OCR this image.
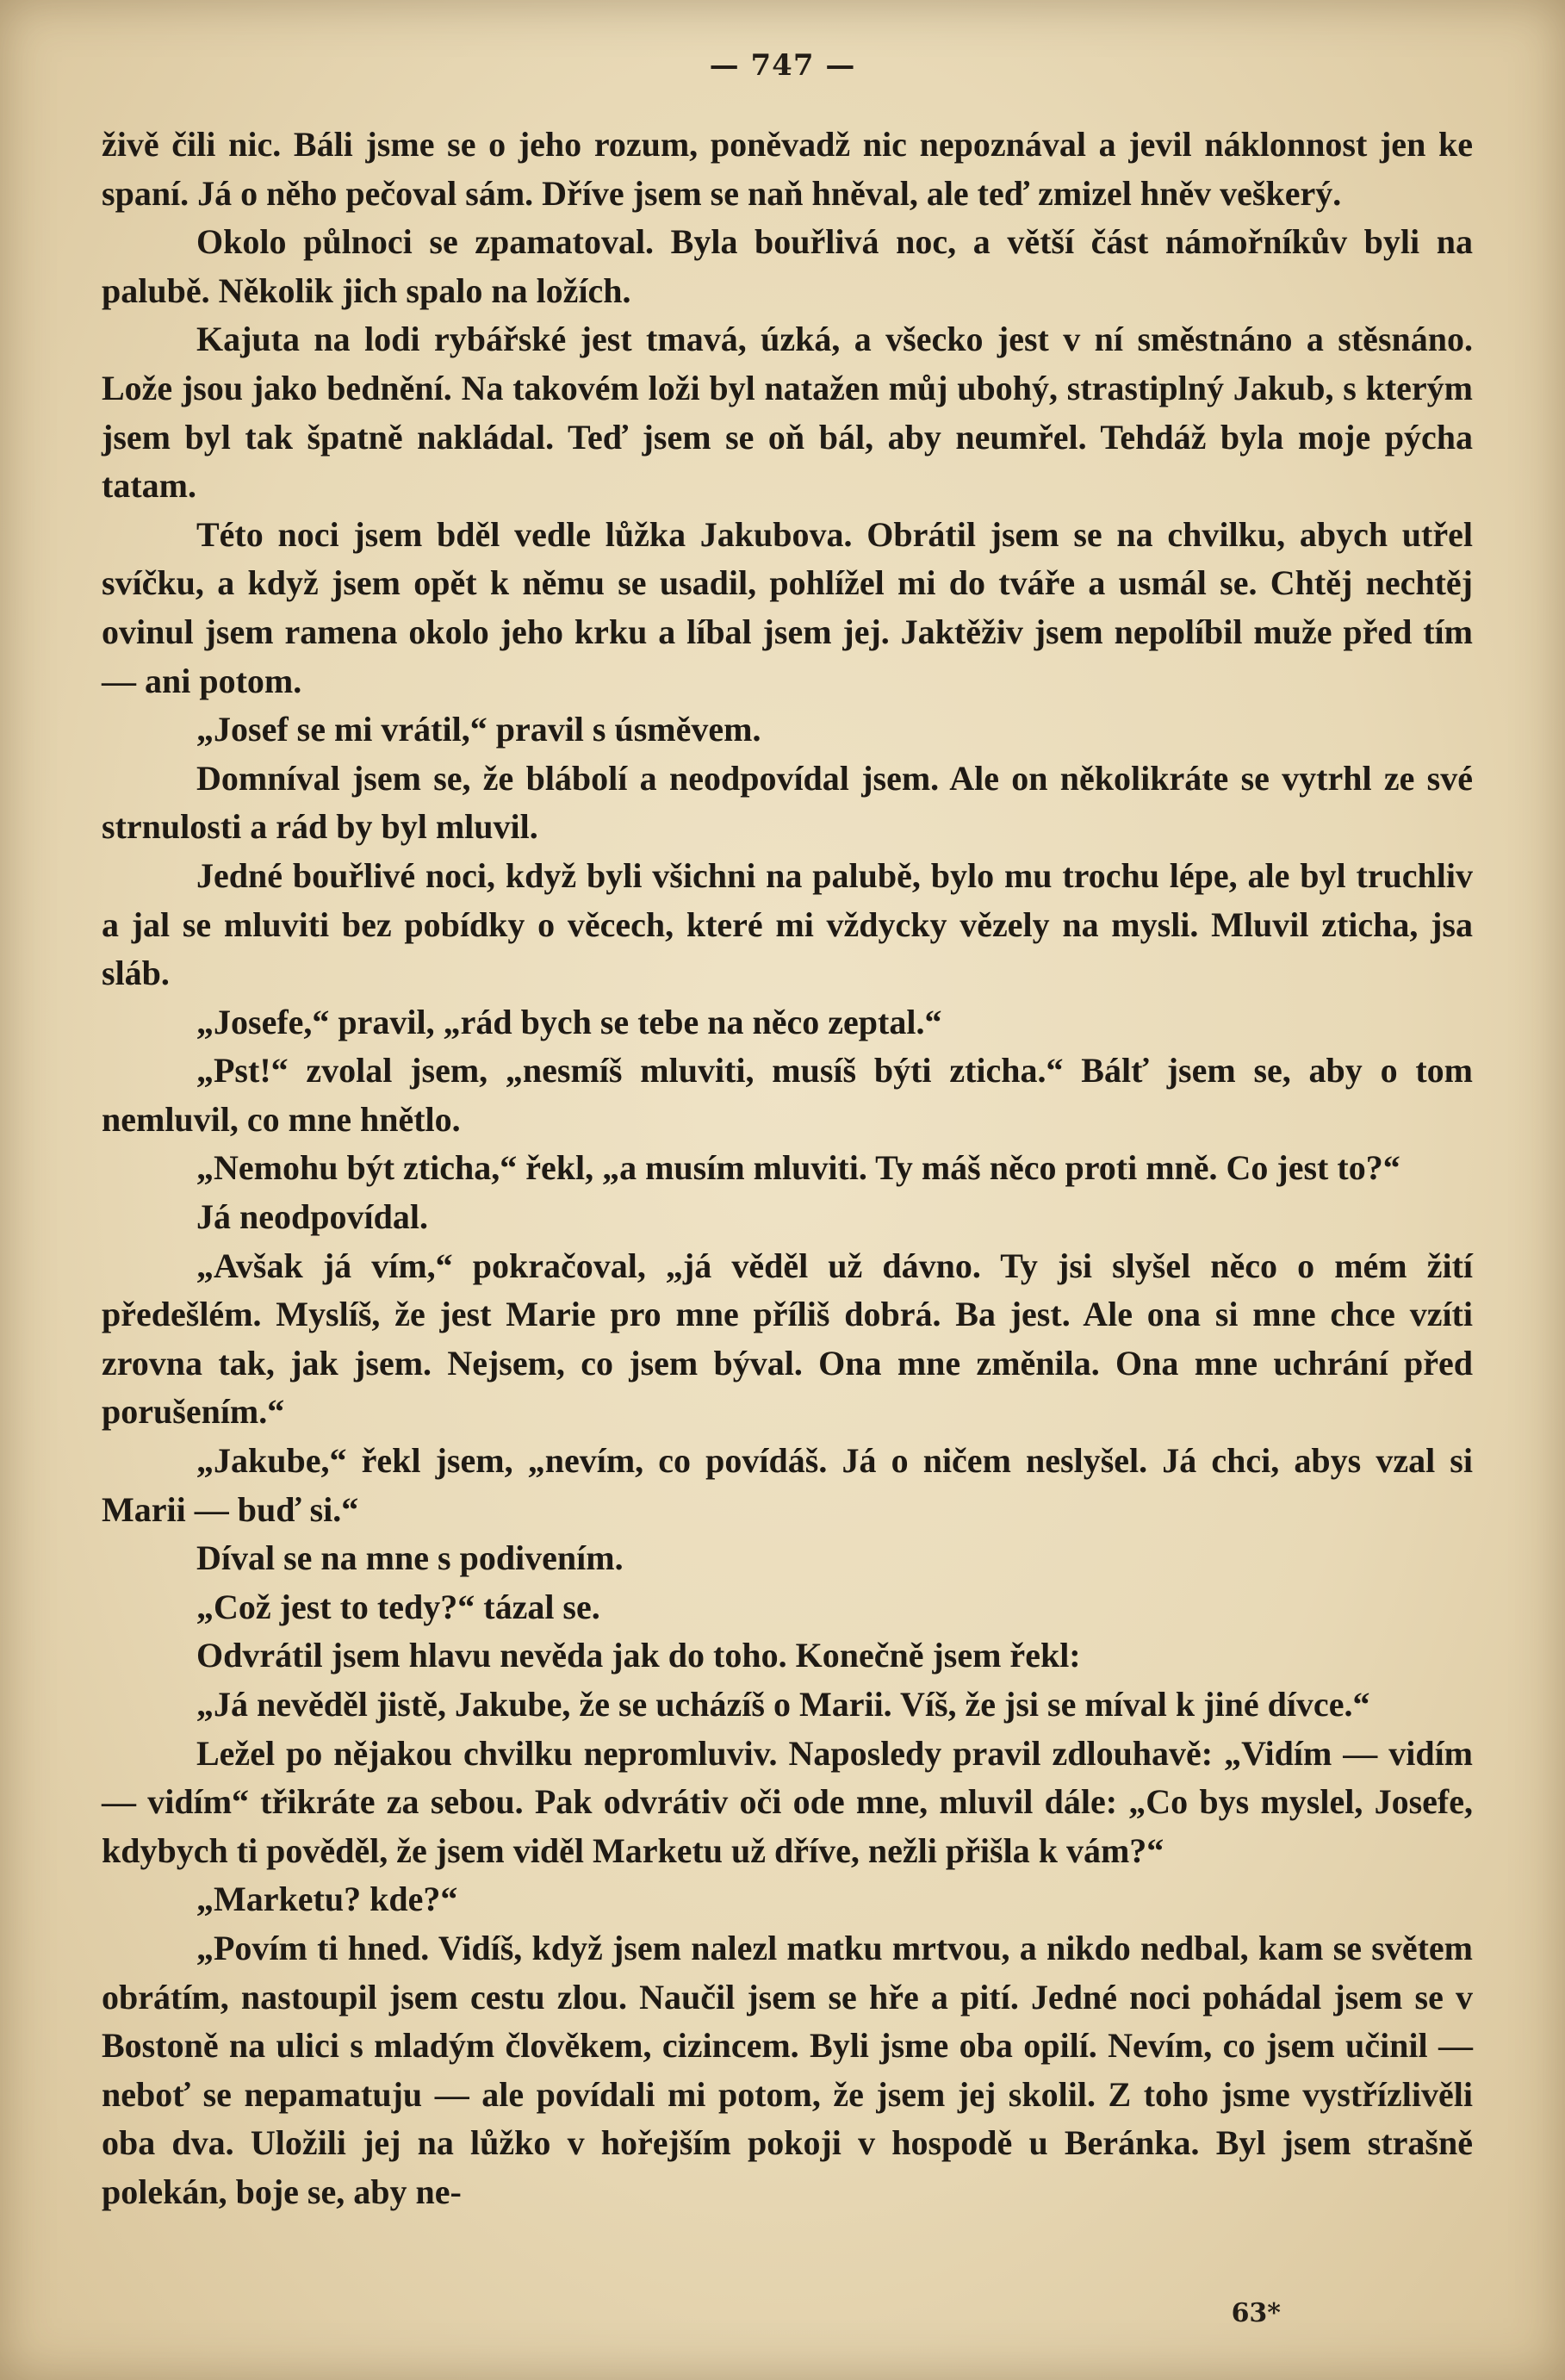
— 747 —

živě čili nic. Báli jsme se o jeho rozum, poněvadž nic nepoznával a jevil náklonnost jen ke spaní. Já o něho pečoval sám. Dříve jsem se naň hněval, ale teď zmizel hněv veškerý.

Okolo půlnoci se zpamatoval. Byla bouřlivá noc, a větší část námořníkův byli na palubě. Několik jich spalo na ložích.

Kajuta na lodi rybářské jest tmavá, úzká, a všecko jest v ní směstnáno a stěsnáno. Lože jsou jako bednění. Na takovém loži byl natažen můj ubohý, strastiplný Jakub, s kterým jsem byl tak špatně nakládal. Teď jsem se oň bál, aby neumřel. Tehdáž byla moje pýcha tatam.

Této noci jsem bděl vedle lůžka Jakubova. Obrátil jsem se na chvilku, abych utřel svíčku, a když jsem opět k němu se usadil, pohlížel mi do tváře a usmál se. Chtěj nechtěj ovinul jsem ramena okolo jeho krku a líbal jsem jej. Jaktěživ jsem nepolíbil muže před tím — ani potom.

„Josef se mi vrátil,“ pravil s úsměvem.

Domníval jsem se, že blábolí a neodpovídal jsem. Ale on několikráte se vytrhl ze své strnulosti a rád by byl mluvil.

Jedné bouřlivé noci, když byli všichni na palubě, bylo mu trochu lépe, ale byl truchliv a jal se mluviti bez pobídky o věcech, které mi vždycky vězely na mysli. Mluvil zticha, jsa sláb.

„Josefe,“ pravil, „rád bych se tebe na něco zeptal.“

„Pst!“ zvolal jsem, „nesmíš mluviti, musíš býti zticha.“ Bálť jsem se, aby o tom nemluvil, co mne hnětlo.

„Nemohu být zticha,“ řekl, „a musím mluviti. Ty máš něco proti mně. Co jest to?“

Já neodpovídal.

„Avšak já vím,“ pokračoval, „já věděl už dávno. Ty jsi slyšel něco o mém žití předešlém. Myslíš, že jest Marie pro mne příliš dobrá. Ba jest. Ale ona si mne chce vzíti zrovna tak, jak jsem. Nejsem, co jsem býval. Ona mne změnila. Ona mne uchrání před porušením.“

„Jakube,“ řekl jsem, „nevím, co povídáš. Já o ničem neslyšel. Já chci, abys vzal si Marii — buď si.“

Díval se na mne s podivením.

„Což jest to tedy?“ tázal se.

Odvrátil jsem hlavu nevěda jak do toho. Konečně jsem řekl:

„Já nevěděl jistě, Jakube, že se ucházíš o Marii. Víš, že jsi se míval k jiné dívce.“

Ležel po nějakou chvilku nepromluviv. Naposledy pravil zdlouhavě: „Vidím — vidím — vidím“ třikráte za sebou. Pak odvrátiv oči ode mne, mluvil dále: „Co bys myslel, Josefe, kdybych ti pověděl, že jsem viděl Marketu už dříve, nežli přišla k vám?“

„Marketu? kde?“

„Povím ti hned. Vidíš, když jsem nalezl matku mrtvou, a nikdo nedbal, kam se světem obrátím, nastoupil jsem cestu zlou. Naučil jsem se hře a pití. Jedné noci pohádal jsem se v Bostoně na ulici s mladým člověkem, cizincem. Byli jsme oba opilí. Nevím, co jsem učinil — neboť se nepamatuju — ale povídali mi potom, že jsem jej skolil. Z toho jsme vystřízlivěli oba dva. Uložili jej na lůžko v hořejším pokoji v hospodě u Beránka. Byl jsem strašně polekán, boje se, aby ne-

63*
